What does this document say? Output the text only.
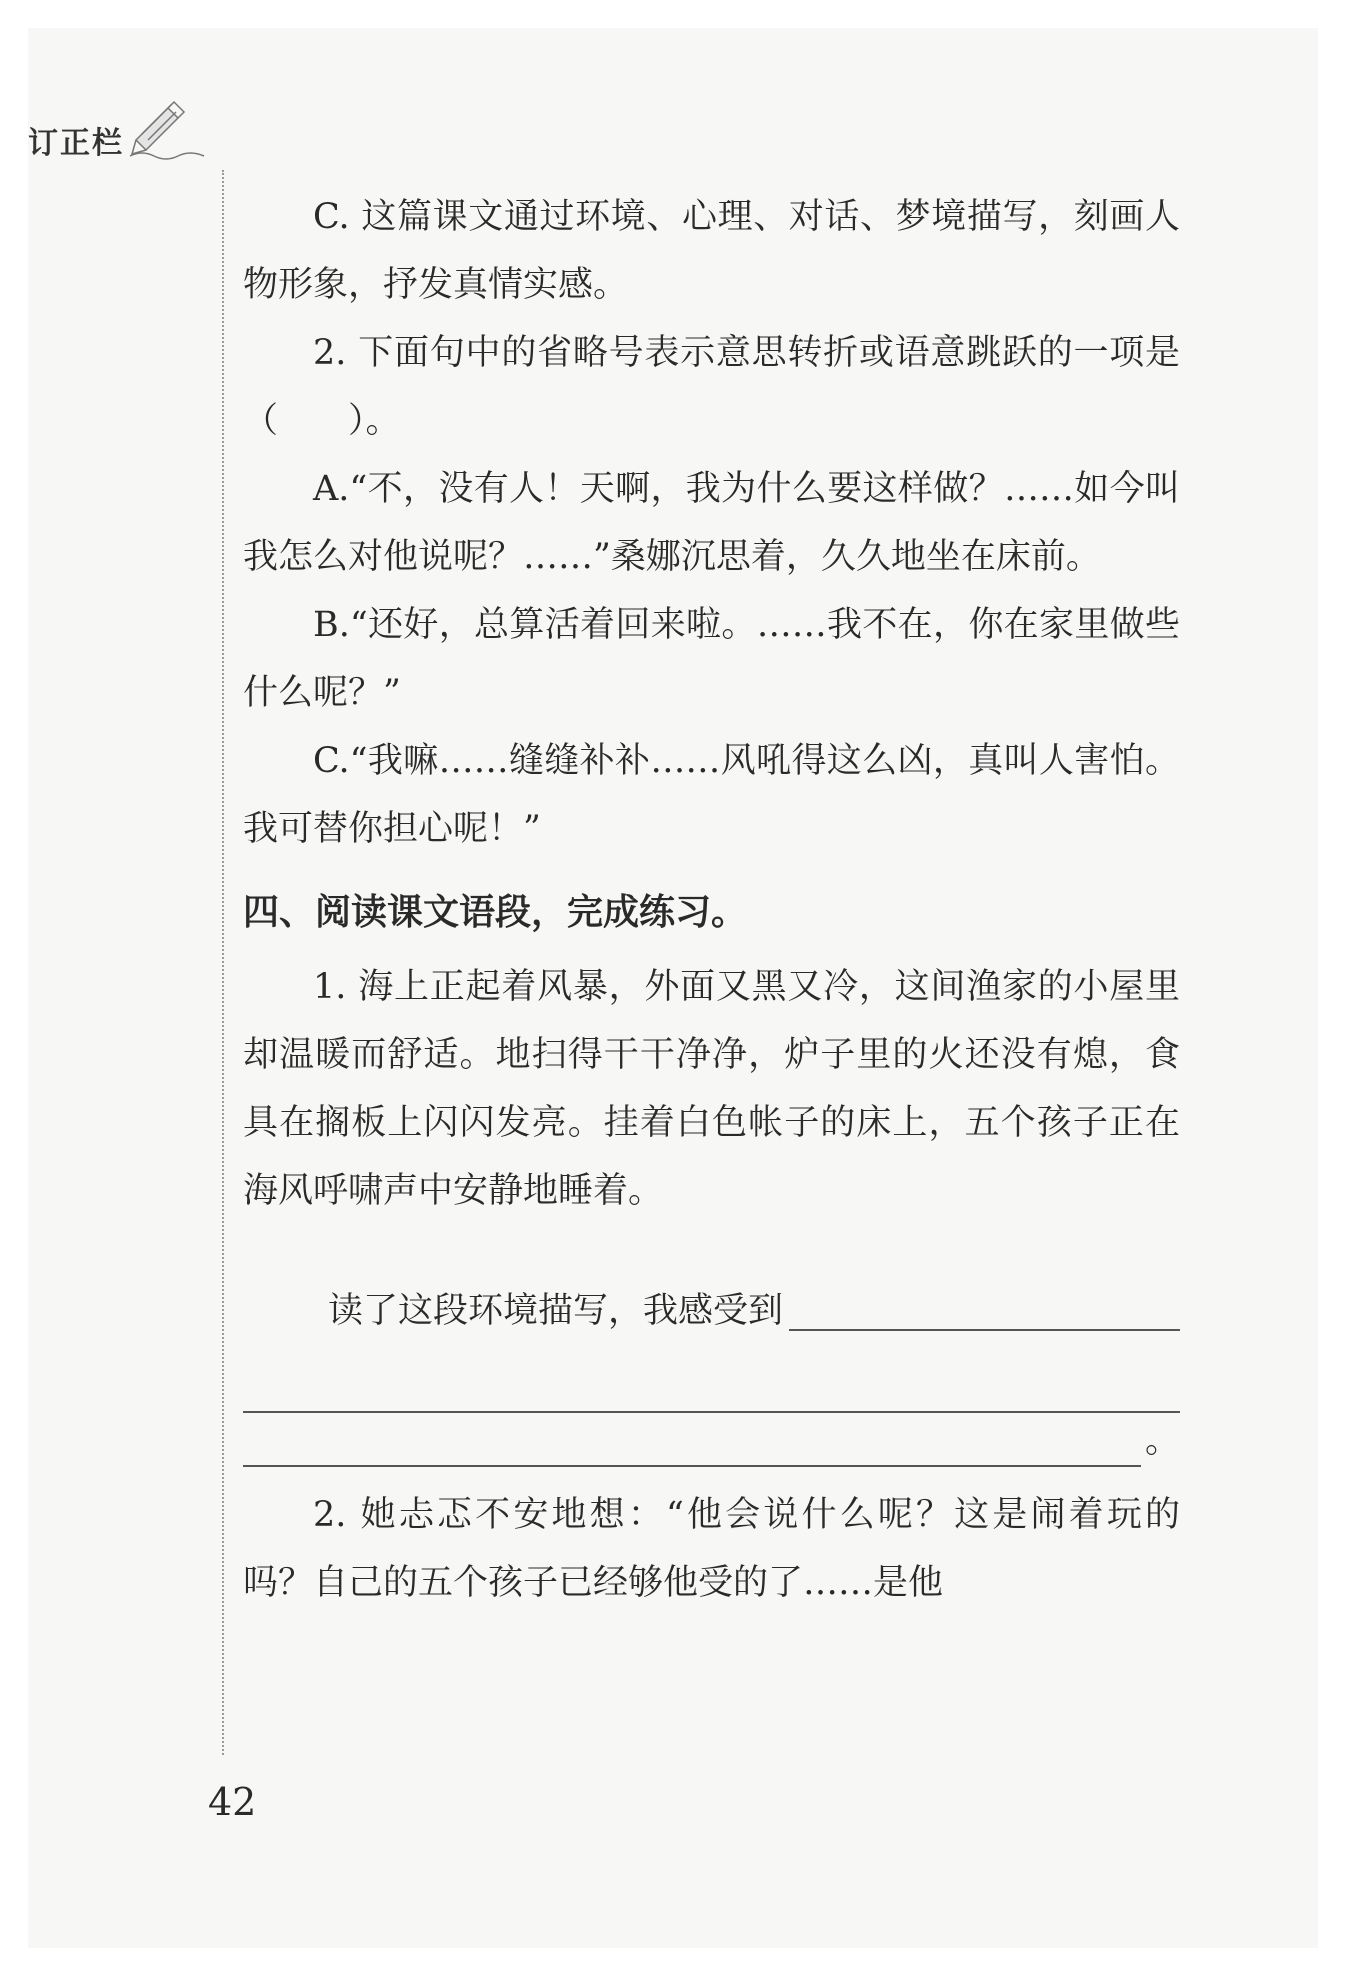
订正栏

C. 这篇课文通过环境、心理、对话、梦境描写，刻画人物形象，抒发真情实感。

2. 下面句中的省略号表示意思转折或语意跳跃的一项是（　　）。

A.“不，没有人！天啊，我为什么要这样做？……如今叫我怎么对他说呢？……”桑娜沉思着，久久地坐在床前。

B.“还好，总算活着回来啦。……我不在，你在家里做些什么呢？”

C.“我嘛……缝缝补补……风吼得这么凶，真叫人害怕。我可替你担心呢！”

四、阅读课文语段，完成练习。

1. 海上正起着风暴，外面又黑又冷，这间渔家的小屋里却温暖而舒适。地扫得干干净净，炉子里的火还没有熄，食具在搁板上闪闪发亮。挂着白色帐子的床上，五个孩子正在海风呼啸声中安静地睡着。

读了这段环境描写，我感受到
。

2. 她忐忑不安地想：“他会说什么呢？这是闹着玩的吗？自己的五个孩子已经够他受的了……是他

42
